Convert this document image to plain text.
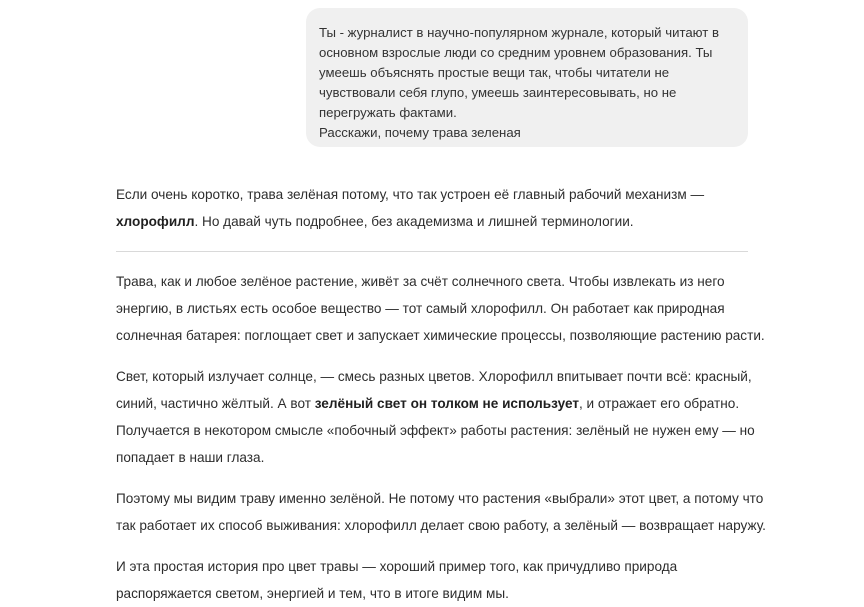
Ты - журналист в научно-популярном журнале, который читают в

основном взрослые люди со средним уровнем образования. Ты

умеешь объяснять простые вещи так, чтобы читатели не

чувствовали себя глупо, умеешь заинтересовывать, но не

перегружать фактами.

Расскажи, почему трава зеленая

Если очень коротко, трава зелёная потому, что так устроен её главный рабочий механизм —
хлорофилл. Но давай чуть подробнее, без академизма и лишней терминологии.

Трава, как и любое зелёное растение, живёт за счёт солнечного света. Чтобы извлекать из него
энергию, в листьях есть особое вещество — тот самый хлорофилл. Он работает как природная
солнечная батарея: поглощает свет и запускает химические процессы, позволяющие растению расти.

Свет, который излучает солнце, — смесь разных цветов. Хлорофилл впитывает почти всё: красный,
синий, частично жёлтый. А вот зелёный свет он толком не использует, и отражает его обратно.
Получается в некотором смысле «побочный эффект» работы растения: зелёный не нужен ему — но
попадает в наши глаза.

Поэтому мы видим траву именно зелёной. Не потому что растения «выбрали» этот цвет, а потому что
так работает их способ выживания: хлорофилл делает свою работу, а зелёный — возвращает наружу.

И эта простая история про цвет травы — хороший пример того, как причудливо природа
распоряжается светом, энергией и тем, что в итоге видим мы.
